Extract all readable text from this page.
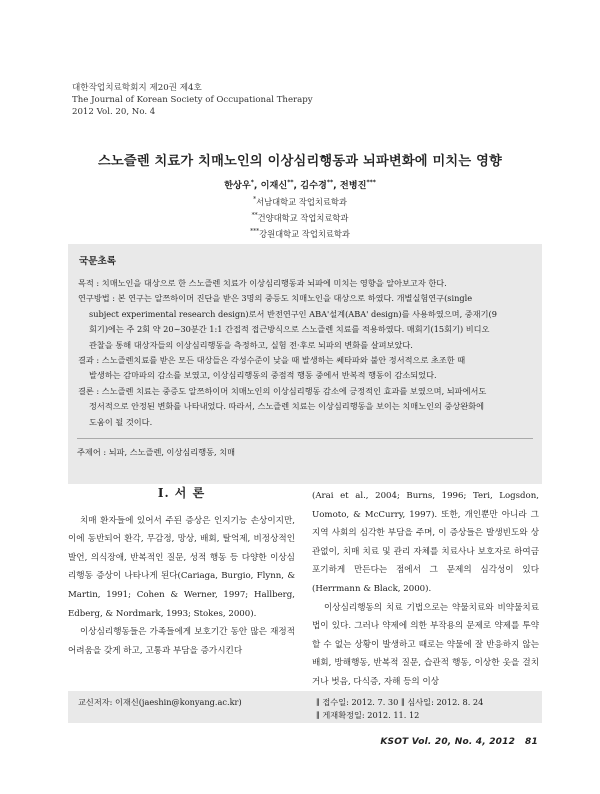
대한작업치료학회지 제20권 제4호
The Journal of Korean Society of Occupational Therapy
2012 Vol. 20, No. 4
스노즐렌 치료가 치매노인의 이상심리행동과 뇌파변화에 미치는 영향
한상우*, 이재신**, 김수경**, 전병진***
*서남대학교 작업치료학과
**건양대학교 작업치료학과
***강원대학교 작업치료학과
국문초록

목적 : 치매노인을 대상으로 한 스노즐렌 치료가 이상심리행동과 뇌파에 미치는 영향을 알아보고자 한다.

연구방법 : 본 연구는 알쯔하이머 진단을 받은 3명의 중등도 치매노인을 대상으로 하였다. 개별실험연구(single
subject experimental research design)로서 반전연구인 ABA'설계(ABA' design)를 사용하였으며, 중재기(9
회기)에는 주 2회 약 20~30분간 1:1 간접적 접근방식으로 스노즐렌 치료를 적용하였다. 매회기(15회기) 비디오
관찰을 통해 대상자들의 이상심리행동을 측정하고, 실험 전·후로 뇌파의 변화를 살펴보았다.

결과 : 스노즐렌치료를 받은 모든 대상들은 각성수준이 낮을 때 발생하는 쎄타파와 불안 정서적으로 초조한 때
발생하는 감마파의 감소를 보였고, 이상심리행동의 중점적 행동 중에서 반복적 행동이 감소되었다.

결론 : 스노즐렌 치료는 중증도 알쯔하이머 치매노인의 이상심리행동 감소에 긍정적인 효과를 보였으며, 뇌파에서도
정서적으로 안정된 변화를 나타내었다. 따라서, 스노즐렌 치료는 이상심리행동을 보이는 치매노인의 중상완화에
도움이 될 것이다.

주제어 : 뇌파, 스노즐렌, 이상심리행동, 치매
I. 서 론

치매 환자들에 있어서 주된 증상은 인지기능 손상이지만, 이에 동반되어 환각, 무감정, 망상, 배회, 탈억제, 비정상적인 발언, 의식장애, 반복적인 질문, 성적 행동 등 다양한 이상심리행동 증상이 나타나게 된다(Cariaga, Burgio, Flynn, & Martin, 1991; Cohen & Werner, 1997; Hallberg, Edberg, & Nordmark, 1993; Stokes, 2000).

이상심리행동들은 가족들에게 보호기간 동안 많은 재정적 어려움을 갖게 하고, 고통과 부담을 증가시킨다

(Arai et al., 2004; Burns, 1996; Teri, Logsdon, Uomoto, & McCurry, 1997). 또한, 개인뿐만 아니라 그 지역 사회의 심각한 부담을 주며, 이 증상들은 발생빈도와 상관없이, 치매 치료 및 관리 자체를 치료사나 보호자로 하여금 포기하게 만든다는 점에서 그 문제의 심각성이 있다(Herrmann & Black, 2000).

이상심리행동의 치료 기법으로는 약물치료와 비약물치료법이 있다. 그러나 약제에 의한 부작용의 문제로 약제를 투약할 수 없는 상황이 발생하고 때로는 약물에 잘 반응하지 않는 배회, 방해행동, 반복적 질문, 습관적 행동, 이상한 옷을 걸치거나 벗음, 다식증, 자해 등의 이상

교신저자: 이재신(jaeshin@konyang.ac.kr)	∥ 접수일: 2012. 7. 30 ∥ 심사일: 2012. 8. 24
∥ 게재확정일: 2012. 11. 12
KSOT Vol. 20, No. 4, 2012   81
